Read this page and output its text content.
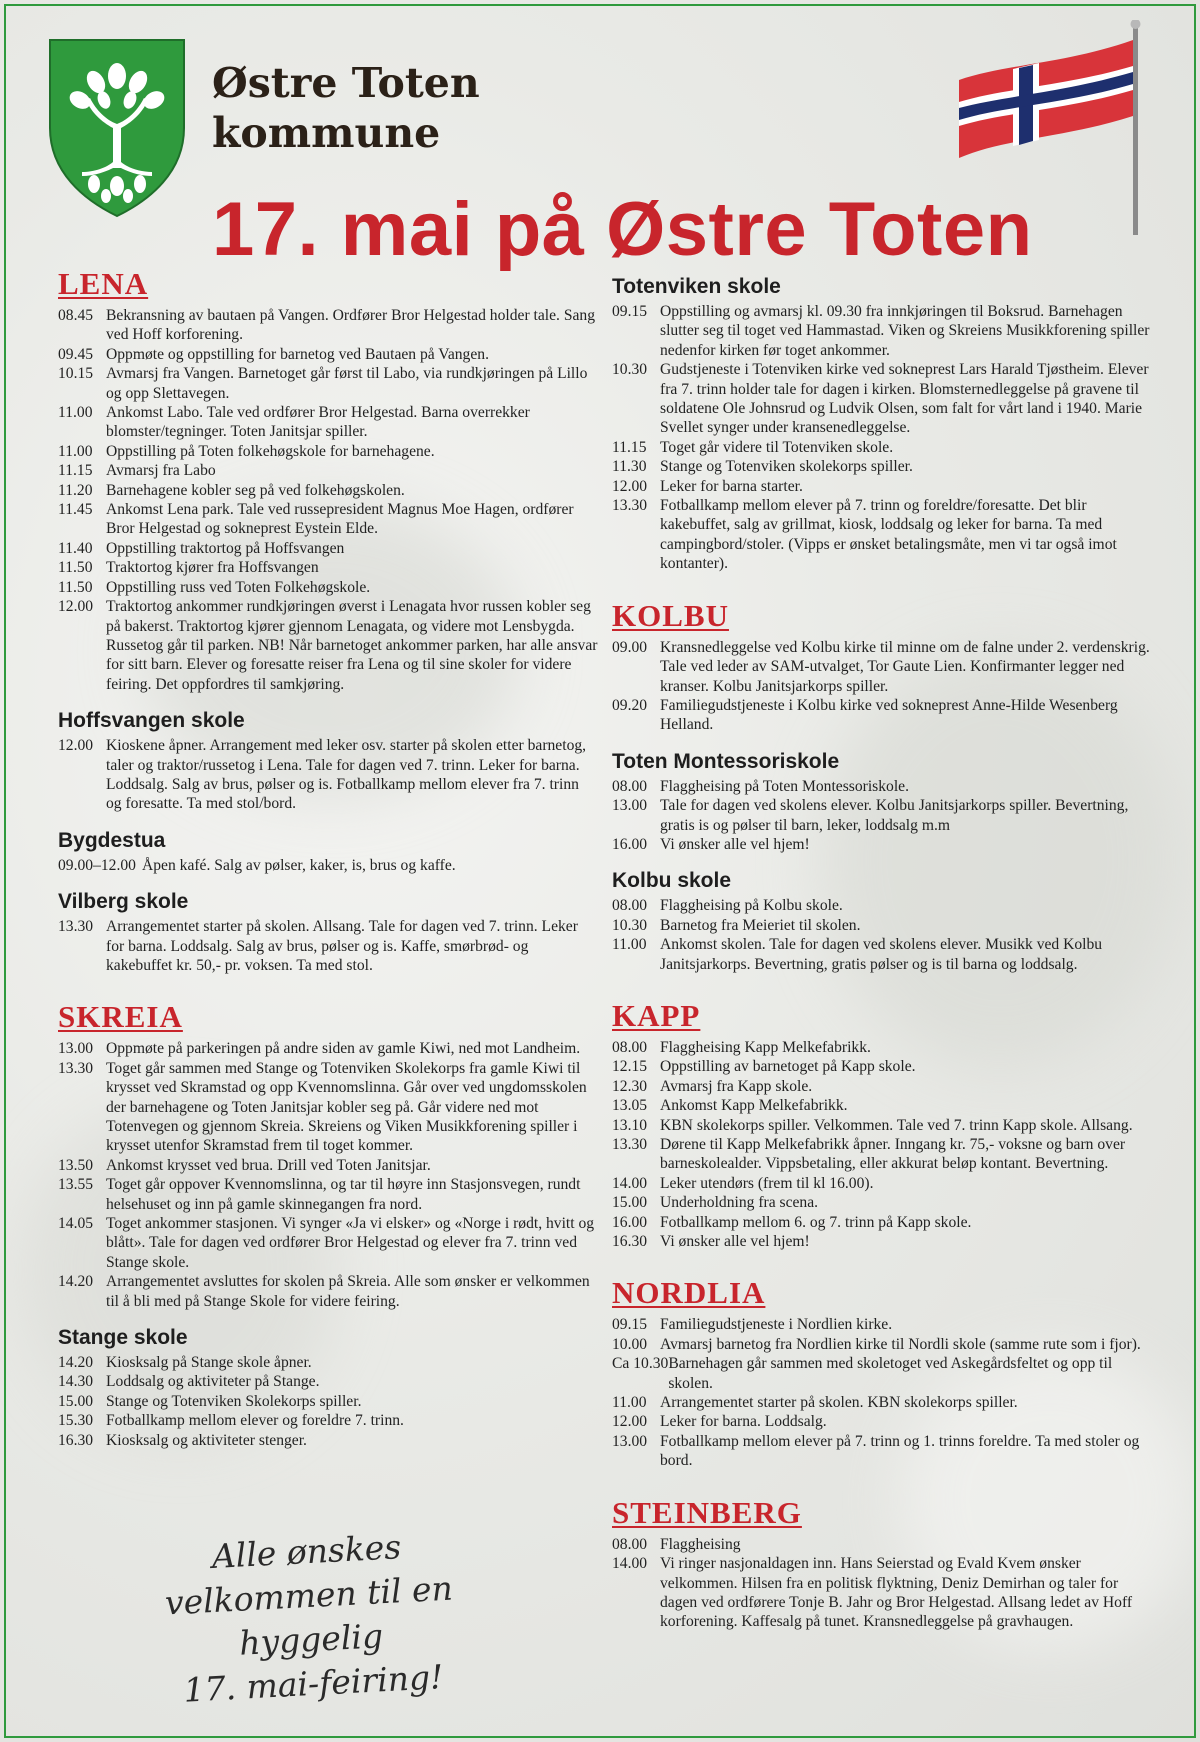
Østre Toten
kommune
17. mai på Østre Toten
LENA
08.45 Bekransning av bautaen på Vangen. Ordfører Bror Helgestad holder tale. Sang ved Hoff korforening.
09.45 Oppmøte og oppstilling for barnetog ved Bautaen på Vangen.
10.15 Avmarsj fra Vangen. Barnetoget går først til Labo, via rundkjøringen på Lillo og opp Slettavegen.
11.00 Ankomst Labo. Tale ved ordfører Bror Helgestad. Barna overrekker blomster/tegninger. Toten Janitsjar spiller.
11.00 Oppstilling på Toten folkehøgskole for barnehagene.
11.15 Avmarsj fra Labo
11.20 Barnehagene kobler seg på ved folkehøgskolen.
11.45 Ankomst Lena park. Tale ved russepresident Magnus Moe Hagen, ordfører Bror Helgestad og sokneprest Eystein Elde.
11.40 Oppstilling traktortog på Hoffsvangen
11.50 Traktortog kjører fra Hoffsvangen
11.50 Oppstilling russ ved Toten Folkehøgskole.
12.00 Traktortog ankommer rundkjøringen øverst i Lenagata hvor russen kobler seg på bakerst. Traktortog kjører gjennom Lenagata, og videre mot Lensbygda. Russetog går til parken. NB! Når barnetoget ankommer parken, har alle ansvar for sitt barn. Elever og foresatte reiser fra Lena og til sine skoler for videre feiring. Det oppfordres til samkjøring.
Hoffsvangen skole
12.00 Kioskene åpner. Arrangement med leker osv. starter på skolen etter barnetog, taler og traktor/russetog i Lena. Tale for dagen ved 7. trinn. Leker for barna. Loddsalg. Salg av brus, pølser og is. Fotballkamp mellom elever fra 7. trinn og foresatte. Ta med stol/bord.
Bygdestua
09.00–12.00 Åpen kafé. Salg av pølser, kaker, is, brus og kaffe.
Vilberg skole
13.30 Arrangementet starter på skolen. Allsang. Tale for dagen ved 7. trinn. Leker for barna. Loddsalg. Salg av brus, pølser og is. Kaffe, smørbrød- og kakebuffet kr. 50,- pr. voksen. Ta med stol.
SKREIA
13.00 Oppmøte på parkeringen på andre siden av gamle Kiwi, ned mot Landheim.
13.30 Toget går sammen med Stange og Totenviken Skolekorps fra gamle Kiwi til krysset ved Skramstad og opp Kvennomslinna. Går over ved ungdomsskolen der barnehagene og Toten Janitsjar kobler seg på. Går videre ned mot Totenvegen og gjennom Skreia. Skreiens og Viken Musikkforening spiller i krysset utenfor Skramstad frem til toget kommer.
13.50 Ankomst krysset ved brua. Drill ved Toten Janitsjar.
13.55 Toget går oppover Kvennomslinna, og tar til høyre inn Stasjonsvegen, rundt helsehuset og inn på gamle skinnegangen fra nord.
14.05 Toget ankommer stasjonen. Vi synger «Ja vi elsker» og «Norge i rødt, hvitt og blått». Tale for dagen ved ordfører Bror Helgestad og elever fra 7. trinn ved Stange skole.
14.20 Arrangementet avsluttes for skolen på Skreia. Alle som ønsker er velkommen til å bli med på Stange Skole for videre feiring.
Stange skole
14.20 Kiosksalg på Stange skole åpner.
14.30 Loddsalg og aktiviteter på Stange.
15.00 Stange og Totenviken Skolekorps spiller.
15.30 Fotballkamp mellom elever og foreldre 7. trinn.
16.30 Kiosksalg og aktiviteter stenger.
Alle ønskes
velkommen til en hyggelig
17. mai-feiring!
Totenviken skole
09.15 Oppstilling og avmarsj kl. 09.30 fra innkjøringen til Boksrud. Barnehagen slutter seg til toget ved Hammastad. Viken og Skreiens Musikkforening spiller nedenfor kirken før toget ankommer.
10.30 Gudstjeneste i Totenviken kirke ved sokneprest Lars Harald Tjøstheim. Elever fra 7. trinn holder tale for dagen i kirken. Blomsternedleggelse på gravene til soldatene Ole Johnsrud og Ludvik Olsen, som falt for vårt land i 1940. Marie Svellet synger under kransenedleggelse.
11.15 Toget går videre til Totenviken skole.
11.30 Stange og Totenviken skolekorps spiller.
12.00 Leker for barna starter.
13.30 Fotballkamp mellom elever på 7. trinn og foreldre/foresatte. Det blir kakebuffet, salg av grillmat, kiosk, loddsalg og leker for barna. Ta med campingbord/stoler. (Vipps er ønsket betalingsmåte, men vi tar også imot kontanter).
KOLBU
09.00 Kransnedleggelse ved Kolbu kirke til minne om de falne under 2. verdenskrig. Tale ved leder av SAM-utvalget, Tor Gaute Lien. Konfirmanter legger ned kranser. Kolbu Janitsjarkorps spiller.
09.20 Familiegudstjeneste i Kolbu kirke ved sokneprest Anne-Hilde Wesenberg Helland.
Toten Montessoriskole
08.00 Flaggheising på Toten Montessoriskole.
13.00 Tale for dagen ved skolens elever. Kolbu Janitsjarkorps spiller. Bevertning, gratis is og pølser til barn, leker, loddsalg m.m
16.00 Vi ønsker alle vel hjem!
Kolbu skole
08.00 Flaggheising på Kolbu skole.
10.30 Barnetog fra Meieriet til skolen.
11.00 Ankomst skolen. Tale for dagen ved skolens elever. Musikk ved Kolbu Janitsjarkorps. Bevertning, gratis pølser og is til barna og loddsalg.
KAPP
08.00 Flaggheising Kapp Melkefabrikk.
12.15 Oppstilling av barnetoget på Kapp skole.
12.30 Avmarsj fra Kapp skole.
13.05 Ankomst Kapp Melkefabrikk.
13.10 KBN skolekorps spiller. Velkommen. Tale ved 7. trinn Kapp skole. Allsang.
13.30 Dørene til Kapp Melkefabrikk åpner. Inngang kr. 75,- voksne og barn over barneskolealder. Vippsbetaling, eller akkurat beløp kontant. Bevertning.
14.00 Leker utendørs (frem til kl 16.00).
15.00 Underholdning fra scena.
16.00 Fotballkamp mellom 6. og 7. trinn på Kapp skole.
16.30 Vi ønsker alle vel hjem!
NORDLIA
09.15 Familiegudstjeneste i Nordlien kirke.
10.00 Avmarsj barnetog fra Nordlien kirke til Nordli skole (samme rute som i fjor).
Ca 10.30 Barnehagen går sammen med skoletoget ved Askegårdsfeltet og opp til skolen.
11.00 Arrangementet starter på skolen. KBN skolekorps spiller.
12.00 Leker for barna. Loddsalg.
13.00 Fotballkamp mellom elever på 7. trinn og 1. trinns foreldre. Ta med stoler og bord.
STEINBERG
08.00 Flaggheising
14.00 Vi ringer nasjonaldagen inn. Hans Seierstad og Evald Kvem ønsker velkommen. Hilsen fra en politisk flyktning, Deniz Demirhan og taler for dagen ved ordførere Tonje B. Jahr og Bror Helgestad. Allsang ledet av Hoff korforening. Kaffesalg på tunet. Kransnedleggelse på gravhaugen.
